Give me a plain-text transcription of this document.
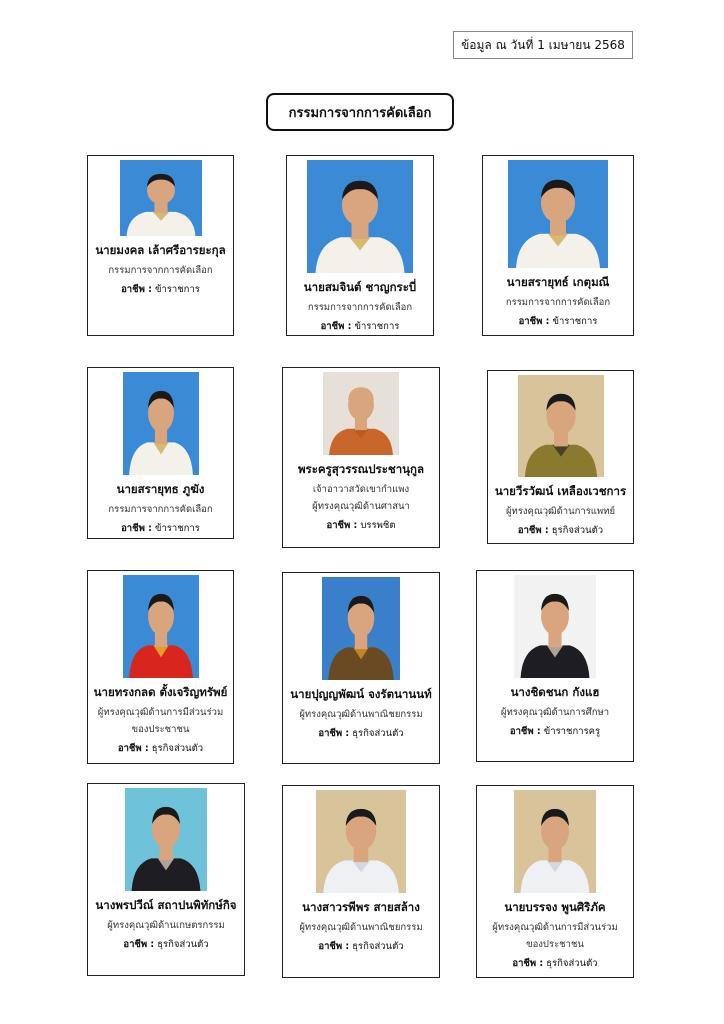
ข้อมูล ณ วันที่ 1 เมษายน 2568
กรรมการจากการคัดเลือก
นายมงคล เล้าศรีอารยะกุล
กรรมการจากการคัดเลือก
อาชีพ : ข้าราชการ	นายสมจินต์ ชาญกระบี่
กรรมการจากการคัดเลือก
อาชีพ : ข้าราชการ
นายสรายุทธ์ เกตุมณี
กรรมการจากการคัดเลือก
อาชีพ : ข้าราชการ
นายสรายุทธ ภูฆัง
กรรมการจากการคัดเลือก
อาชีพ : ข้าราชการ
พระครูสุวรรณประชานุกูล
เจ้าอาวาสวัดเขากำแพง
ผู้ทรงคุณวุฒิด้านศาสนา
อาชีพ : บรรพชิต
นายวีรวัฒน์ เหลืองเวชการ
ผู้ทรงคุณวุฒิด้านการแพทย์
อาชีพ : ธุรกิจส่วนตัว
นายทรงกลด ตั้งเจริญทรัพย์
ผู้ทรงคุณวุฒิด้านการมีส่วนร่วม
ของประชาชน
อาชีพ : ธุรกิจส่วนตัว
นายปุญญพัฒน์ จงรัตนานนท์
ผู้ทรงคุณวุฒิด้านพาณิชยกรรม
อาชีพ : ธุรกิจส่วนตัว
นางชิดชนก กังแฮ
ผู้ทรงคุณวุฒิด้านการศึกษา
อาชีพ : ข้าราชการครู
นางพรปวีณ์ สถาปนพิทักษ์กิจ
ผู้ทรงคุณวุฒิด้านเกษตรกรรม
อาชีพ : ธุรกิจส่วนตัว
นางสาวรพีพร สายสล้าง
ผู้ทรงคุณวุฒิด้านพาณิชยกรรม
อาชีพ : ธุรกิจส่วนตัว
นายบรรจง พูนศิริภัค
ผู้ทรงคุณวุฒิด้านการมีส่วนร่วม
ของประชาชน
อาชีพ : ธุรกิจส่วนตัว
